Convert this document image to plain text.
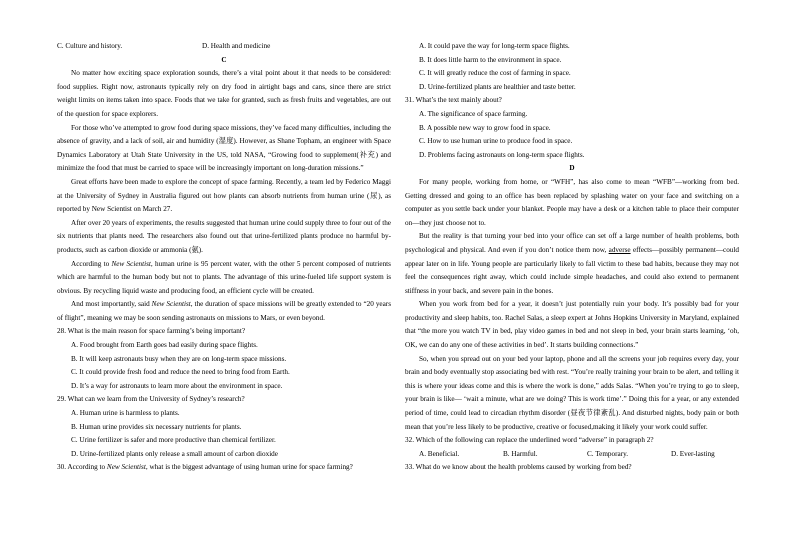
C. Culture and history.	D. Health and medicine

C

No matter how exciting space exploration sounds, there’s a vital point about it that needs to be considered: food supplies. Right now, astronauts typically rely on dry food in airtight bags and cans, since there are strict weight limits on items taken into space. Foods that we take for granted, such as fresh fruits and vegetables, are out of the question for space explorers.

For those who’ve attempted to grow food during space missions, they’ve faced many difficulties, including the absence of gravity, and a lack of soil, air and humidity (湿度). However, as Shane Topham, an engineer with Space Dynamics Laboratory at Utah State University in the US, told NASA, “Growing food to supplement(补充) and minimize the food that must be carried to space will be increasingly important on long-duration missions.”

Great efforts have been made to explore the concept of space farming. Recently, a team led by Federico Maggi at the University of Sydney in Australia figured out how plants can absorb nutrients from human urine (尿), as reported by New Scientist on March 27.

After over 20 years of experiments, the results suggested that human urine could supply three to four out of the six nutrients that plants need. The researchers also found out that urine-fertilized plants produce no harmful by-products, such as carbon dioxide or ammonia (氨).

According to New Scientist, human urine is 95 percent water, with the other 5 percent composed of nutrients which are harmful to the human body but not to plants. The advantage of this urine-fueled life support system is obvious. By recycling liquid waste and producing food, an efficient cycle will be created.

And most importantly, said New Scientist, the duration of space missions will be greatly extended to “20 years of flight”, meaning we may be soon sending astronauts on missions to Mars, or even beyond.

28. What is the main reason for space farming’s being important?

A. Food brought from Earth goes bad easily during space flights.

B. It will keep astronauts busy when they are on long-term space missions.

C. It could provide fresh food and reduce the need to bring food from Earth.

D. It’s a way for astronauts to learn more about the environment in space.

29. What can we learn from the University of Sydney’s research?

A. Human urine is harmless to plants.

B. Human urine provides six necessary nutrients for plants.

C. Urine fertilizer is safer and more productive than chemical fertilizer.

D. Urine-fertilized plants only release a small amount of carbon dioxide

30. According to New Scientist, what is the biggest advantage of using human urine for space farming?

A. It could pave the way for long-term space flights.

B. It does little harm to the environment in space.

C. It will greatly reduce the cost of farming in space.

D. Urine-fertilized plants are healthier and taste better.

31. What’s the text mainly about?

A. The significance of space farming.

B. A possible new way to grow food in space.

C. How to use human urine to produce food in space.

D. Problems facing astronauts on long-term space flights.

D

For many people, working from home, or “WFH”, has also come to mean “WFB”—working from bed. Getting dressed and going to an office has been replaced by splashing water on your face and switching on a computer as you settle back under your blanket. People may have a desk or a kitchen table to place their computer on—they just choose not to.

But the reality is that turning your bed into your office can set off a large number of health problems, both psychological and physical. And even if you don’t notice them now, adverse effects—possibly permanent—could appear later on in life. Young people are particularly likely to fall victim to these bad habits, because they may not feel the consequences right away, which could include simple headaches, and could also extend to permanent stiffness in your back, and severe pain in the bones.

When you work from bed for a year, it doesn’t just potentially ruin your body. It’s possibly bad for your productivity and sleep habits, too. Rachel Salas, a sleep expert at Johns Hopkins University in Maryland, explained that “the more you watch TV in bed, play video games in bed and not sleep in bed, your brain starts learning, ‘oh, OK, we can do any one of these activities in bed’. It starts building connections.”

So, when you spread out on your bed your laptop, phone and all the screens your job requires every day, your brain and body eventually stop associating bed with rest. “You’re really training your brain to be alert, and telling it this is where your ideas come and this is where the work is done,” adds Salas. “When you’re trying to go to sleep, your brain is like— ‘wait a minute, what are we doing? This is work time’.” Doing this for a year, or any extended period of time, could lead to circadian rhythm disorder (昼夜节律紊乱). And disturbed nights, body pain or both mean that you’re less likely to be productive, creative or focused,making it likely your work could suffer.

32. Which of the following can replace the underlined word “adverse” in paragraph 2?

A. Beneficial.	B. Harmful.	C. Temporary.	D. Ever-lasting

33. What do we know about the health problems caused by working from bed?
